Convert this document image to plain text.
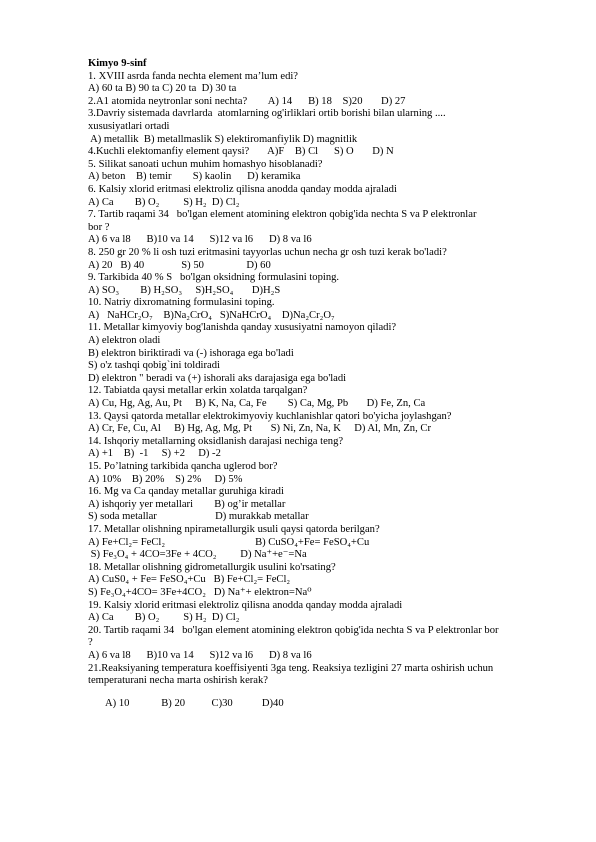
Kimyo 9-sinf
1. XVIII asrda fanda nechta element ma’lum edi?
A) 60 ta B) 90 ta C) 20 ta  D) 30 ta
2.A1 atomida neytronlar soni nechta?        A) 14      B) 18    S)20       D) 27
3.Davriy sistemada davrlarda  atomlarning og'irliklari ortib borishi bilan ularning ....
xususiyatlari ortadi
A) metallik  B) metallmaslik S) elektiromanfiylik D) magnitlik
4.Kuchli elektomanfiy element qaysi?       A)F    B) Cl      S) O       D) N
5. Silikat sanoati uchun muhim homashyo hisoblanadi?
A) beton    B) temir        S) kaolin      D) keramika
6. Kalsiy xlorid eritmasi elektroliz qilisna anodda qanday modda ajraladi
A) Ca        B) O₂         S) H₂  D) Cl₂
7. Tartib raqami 34   bo'lgan element atomining elektron qobig'ida nechta S va P elektronlar
bor ?
A) 6 va l8      B)10 va 14      S)12 va l6      D) 8 va l6
8. 250 gr 20 % li osh tuzi eritmasini tayyorlas uchun necha gr osh tuzi kerak bo'ladi?
A) 20   B) 40              S) 50                D) 60
9. Tarkibida 40 % S   bo'lgan oksidning formulasini toping.
A) SO₃        B) H₂SO₃     S)H₂SO₄       D)H₂S
10. Natriy dixromatning formulasini toping.
A)   NaHCr₂O₇    B)Na₂CrO₄   S)NaHCrO₄    D)Na₂Cr₂O₇
11. Metallar kimyoviy bog'lanishda qanday xususiyatni namoyon qiladi?
A) elektron oladi
B) elektron biriktiradi va (-) ishoraga ega bo'ladi
S) o'z tashqi qobig`ini toldiradi
D) elektron " beradi va (+) ishorali aks darajasiga ega bo'ladi
12. Tabiatda qaysi metallar erkin xolatda tarqalgan?
A) Cu, Hg, Ag, Au, Pt     B) K, Na, Ca, Fe        S) Ca, Mg, Pb       D) Fe, Zn, Ca
13. Qaysi qatorda metallar elektrokimyoviy kuchlanishlar qatori bo'yicha joylashgan?
A) Cr, Fe, Cu, Al     B) Hg, Ag, Mg, Pt       S) Ni, Zn, Na, K     D) Al, Mn, Zn, Cr
14. Ishqoriy metallarning oksidlanish darajasi nechiga teng?
A) +1    B)  -1     S) +2     D) -2
15. Po’latning tarkibida qancha uglerod bor?
A) 10%    B) 20%    S) 2%     D) 5%
16. Mg va Ca qanday metallar guruhiga kiradi
A) ishqoriy yer metallari        B) og’ir metallar
S) soda metallar                      D) murakkab metallar
17. Metallar olishning npirametallurgik usuli qaysi qatorda berilgan?
A) Fe+Cl₂= FeCl₂                                  B) CuSO₄+Fe= FeSO₄+Cu
S) Fe₃O₄ + 4CO=3Fe + 4CO₂         D) Na⁺+e⁻=Na
18. Metallar olishning gidrometallurgik usulini ko'rsating?
A) CuS0₄ + Fe= FeSO₄+Cu   B) Fe+Cl₂= FeCl₂
S) Fe₃O₄+4CO= 3Fe+4CO₂   D) Na⁺+ elektron=Na⁰
19. Kalsiy xlorid eritmasi elektroliz qilisna anodda qanday modda ajraladi
A) Ca        B) O₂         S) H₂  D) Cl₂
20. Tartib raqami 34   bo'lgan element atomining elektron qobig'ida nechta S va P elektronlar bor
?
A) 6 va l8      B)10 va 14      S)12 va l6      D) 8 va l6
21.Reaksiyaning temperatura koeffisiyenti 3ga teng. Reaksiya tezligini 27 marta oshirish uchun
temperaturani necha marta oshirish kerak?
A) 10            B) 20          C)30           D)40
